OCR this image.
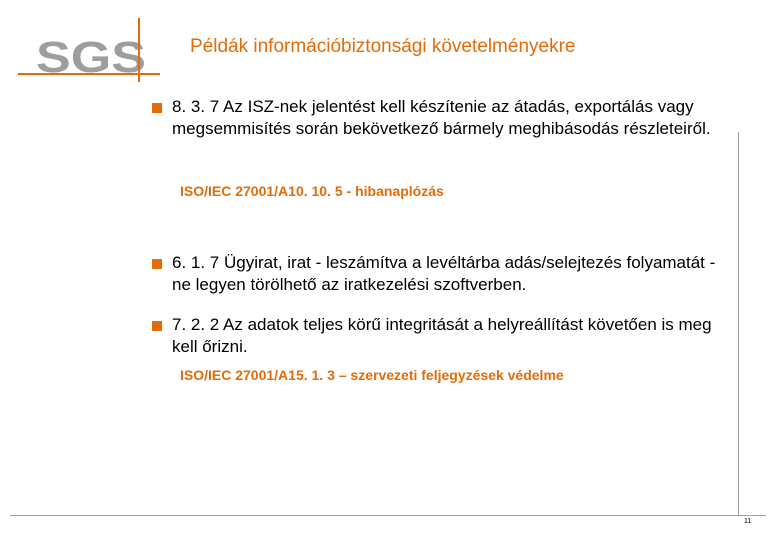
SGS Példák információbiztonsági követelményekre
11
8. 3. 7 Az ISZ-nek jelentést kell készítenie az átadás, exportálás vagy megsemmisítés során bekövetkező bármely meghibásodás részleteiről.
ISO/IEC 27001/A10. 10. 5 - hibanaplózás
6. 1. 7 Ügyirat, irat - leszámítva a levéltárba adás/selejtezés folyamatát - ne legyen törölhető az iratkezelési szoftverben.
7. 2. 2 Az adatok teljes körű integritását a helyreállítást követően is meg kell őrizni.
ISO/IEC 27001/A15. 1. 3 – szervezeti feljegyzések védelme
